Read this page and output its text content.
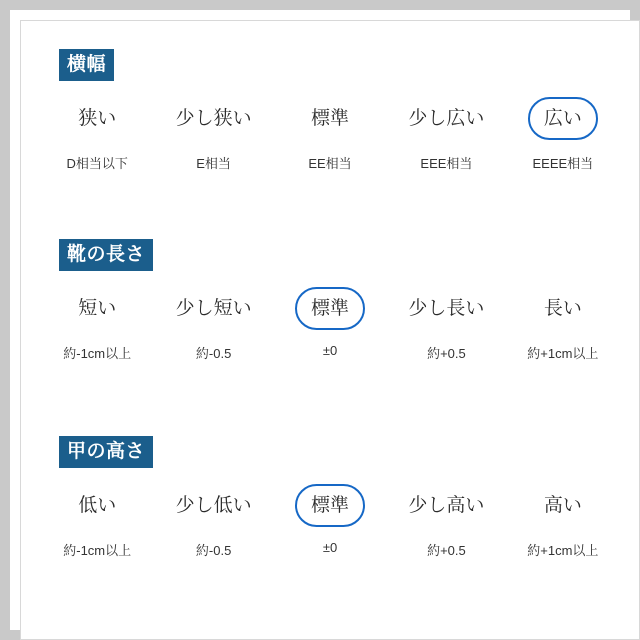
横幅
狭い
D相当以下
少し狭い
E相当
標準
EE相当
少し広い
EEE相当
広い
EEEE相当
靴の長さ
短い
約-1cm以上
少し短い
約-0.5
標準
±0
少し長い
約+0.5
長い
約+1cm以上
甲の高さ
低い
約-1cm以上
少し低い
約-0.5
標準
±0
少し高い
約+0.5
高い
約+1cm以上
